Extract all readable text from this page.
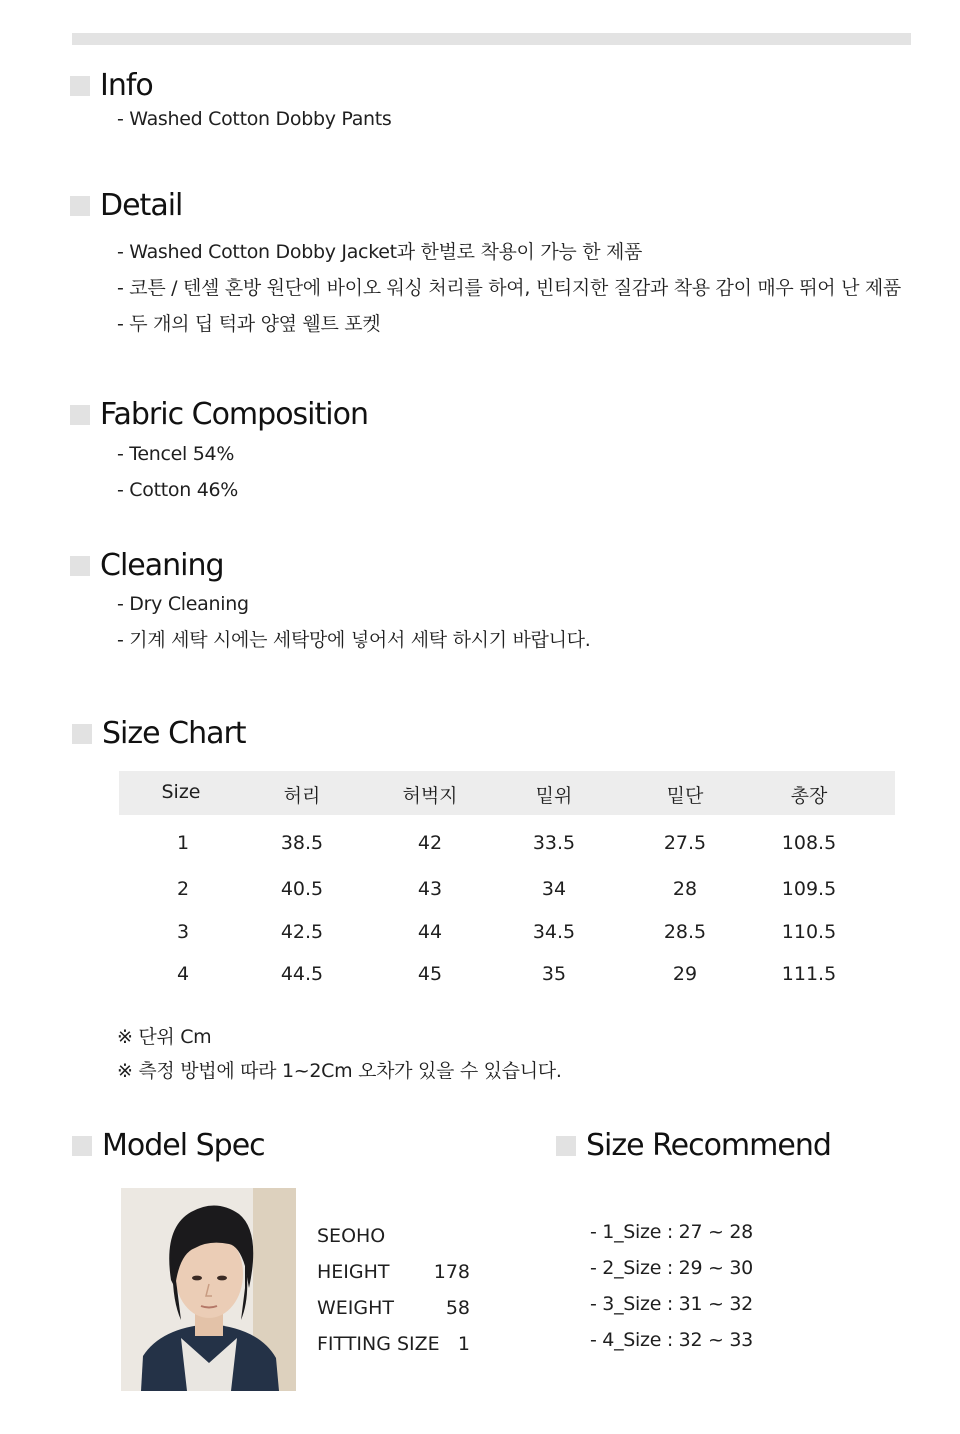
Info
- Washed Cotton Dobby Pants
Detail
- Washed Cotton Dobby Jacket과 한벌로 착용이 가능 한 제품
- 코튼 / 텐셀 혼방 원단에 바이오 워싱 처리를 하여, 빈티지한 질감과 착용 감이 매우 뛰어 난 제품
- 두 개의 딥 턱과 양옆 웰트 포켓
Fabric Composition
- Tencel 54%
- Cotton 46%
Cleaning
- Dry Cleaning
- 기계 세탁 시에는 세탁망에 넣어서 세탁 하시기 바랍니다.
Size Chart
Size	허리	허벅지	밑위	밑단	총장
1	38.5	42	33.5	27.5	108.5
2	40.5	43	34	28	109.5
3	42.5	44	34.5	28.5	110.5
4	44.5	45	35	29	111.5
※ 단위 Cm
※ 측정 방법에 따라 1~2Cm 오차가 있을 수 있습니다.
Model Spec
SEOHO
HEIGHT	178
WEIGHT	58
FITTING SIZE 1
Size Recommend
- 1_Size : 27 ~ 28
- 2_Size : 29 ~ 30
- 3_Size : 31 ~ 32
- 4_Size : 32 ~ 33
